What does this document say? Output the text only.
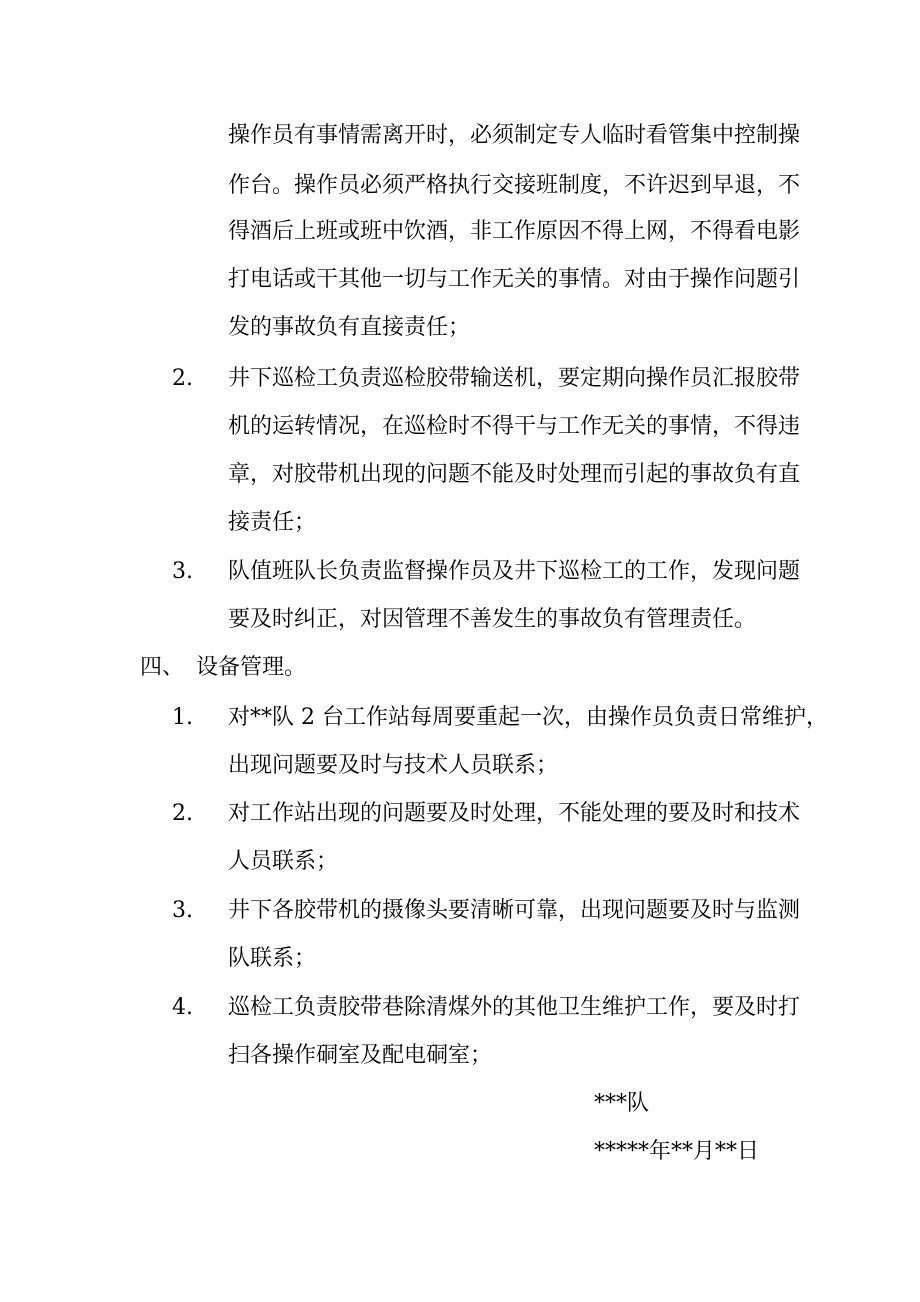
操作员有事情需离开时，必须制定专人临时看管集中控制操
作台。操作员必须严格执行交接班制度，不许迟到早退，不
得酒后上班或班中饮酒，非工作原因不得上网，不得看电影
打电话或干其他一切与工作无关的事情。对由于操作问题引
发的事故负有直接责任；
2. 井下巡检工负责巡检胶带输送机，要定期向操作员汇报胶带
机的运转情况，在巡检时不得干与工作无关的事情，不得违
章，对胶带机出现的问题不能及时处理而引起的事故负有直
接责任；
3. 队值班队长负责监督操作员及井下巡检工的工作，发现问题
要及时纠正，对因管理不善发生的事故负有管理责任。
四、 设备管理。
1. 对**队 2 台工作站每周要重起一次，由操作员负责日常维护，
出现问题要及时与技术人员联系；
2. 对工作站出现的问题要及时处理，不能处理的要及时和技术
人员联系；
3. 井下各胶带机的摄像头要清晰可靠，出现问题要及时与监测
队联系；
4. 巡检工负责胶带巷除清煤外的其他卫生维护工作，要及时打
扫各操作硐室及配电硐室；
***队
*****年**月**日
